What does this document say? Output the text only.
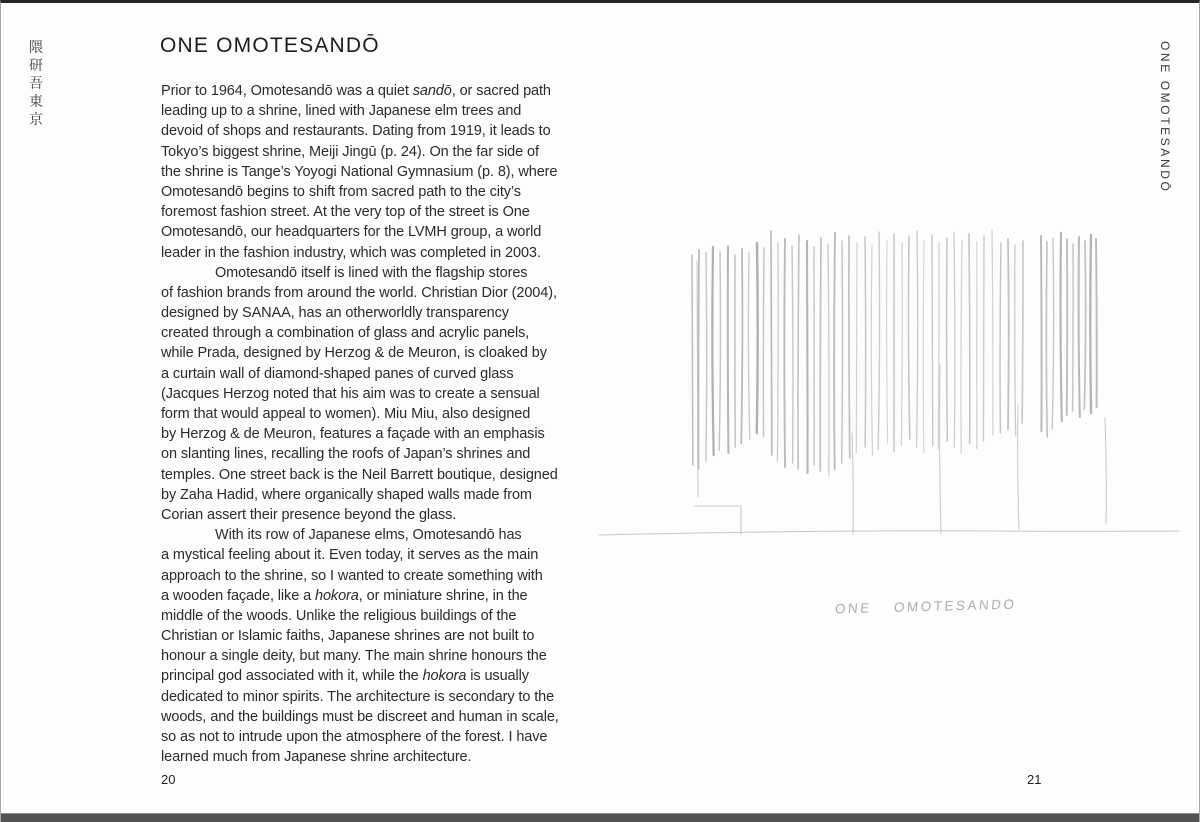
隈
研
吾
東
京
ONE OMOTESANDŌ
Prior to 1964, Omotesandō was a quiet sandō, or sacred path
leading up to a shrine, lined with Japanese elm trees and
devoid of shops and restaurants. Dating from 1919, it leads to
Tokyo’s biggest shrine, Meiji Jingū (p. 24). On the far side of
the shrine is Tange’s Yoyogi National Gymnasium (p. 8), where
Omotesandō begins to shift from sacred path to the city’s
foremost fashion street. At the very top of the street is One
Omotesandō, our headquarters for the LVMH group, a world
leader in the fashion industry, which was completed in 2003.
Omotesandō itself is lined with the flagship stores
of fashion brands from around the world. Christian Dior (2004),
designed by SANAA, has an otherworldly transparency
created through a combination of glass and acrylic panels,
while Prada, designed by Herzog & de Meuron, is cloaked by
a curtain wall of diamond-shaped panes of curved glass
(Jacques Herzog noted that his aim was to create a sensual
form that would appeal to women). Miu Miu, also designed
by Herzog & de Meuron, features a façade with an emphasis
on slanting lines, recalling the roofs of Japan’s shrines and
temples. One street back is the Neil Barrett boutique, designed
by Zaha Hadid, where organically shaped walls made from
Corian assert their presence beyond the glass.
With its row of Japanese elms, Omotesandō has
a mystical feeling about it. Even today, it serves as the main
approach to the shrine, so I wanted to create something with
a wooden façade, like a hokora, or miniature shrine, in the
middle of the woods. Unlike the religious buildings of the
Christian or Islamic faiths, Japanese shrines are not built to
honour a single deity, but many. The main shrine honours the
principal god associated with it, while the hokora is usually
dedicated to minor spirits. The architecture is secondary to the
woods, and the buildings must be discreet and human in scale,
so as not to intrude upon the atmosphere of the forest. I have
learned much from Japanese shrine architecture.
20
ONE OMOTESANDO
21
ONE OMOTESANDŌ
